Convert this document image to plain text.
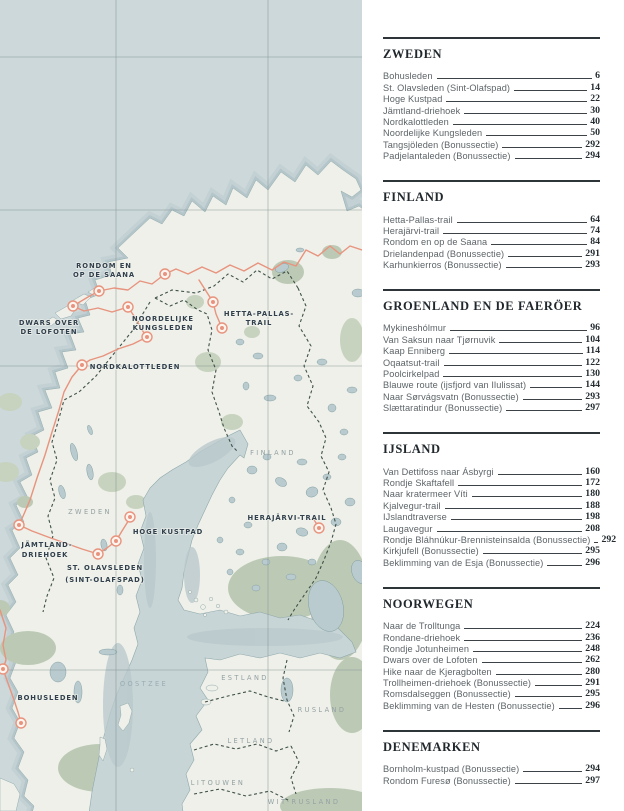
RONDOM EN
OP DE SAANA
DWARS OVER
DE LOFOTEN
NOORDELIJKE
KUNGSLEDEN
HETTA-PALLAS-
TRAIL
NORDKALOTTLEDEN
HERAJÄRVI-TRAIL
HOGE KUSTPAD
JÄMTLAND-
DRIEHOEK
ST. OLAVSLEDEN
(SINT-OLAFSPAD)
BOHUSLEDEN
ZWEDEN
FINLAND
OOSTZEE
ESTLAND
RUSLAND
LETLAND
LITOUWEN
WIT-RUSLAND
ZWEDEN
Bohusleden	6
St. Olavsleden (Sint-Olafspad)	14
Hoge Kustpad	22
Jämtland-driehoek	30
Nordkalottleden	40
Noordelijke Kungsleden	50
Tangsjöleden (Bonussectie)	292
Padjelantaleden (Bonussectie)	294
FINLAND
Hetta-Pallas-trail	64
Herajärvi-trail	74
Rondom en op de Saana	84
Drielandenpad (Bonussectie)	291
Karhunkierros (Bonussectie)	293
GROENLAND EN DE FAERÖER
Mykineshólmur	96
Van Saksun naar Tjørnuvik	104
Kaap Enniberg	114
Oqaatsut-trail	122
Poolcirkelpad	130
Blauwe route (ijsfjord van Ilulissat)	144
Naar Sørvágsvatn (Bonussectie)	293
Slættaratindur (Bonussectie)	297
IJSLAND
Van Dettifoss naar Ásbyrgi	160
Rondje Skaftafell	172
Naar kratermeer Víti	180
Kjalvegur-trail	188
IJslandtraverse	198
Laugavegur	208
Rondje Bláhnúkur-Brennisteinsalda (Bonussectie) 292
Kirkjufell (Bonussectie)	295
Beklimming van de Esja (Bonussectie)	296
NOORWEGEN
Naar de Trolltunga	224
Rondane-driehoek	236
Rondje Jotunheimen	248
Dwars over de Lofoten	262
Hike naar de Kjeragbolten	280
Trollheimen-driehoek (Bonussectie)	291
Romsdalseggen (Bonussectie)	295
Beklimming van de Hesten (Bonussectie)	296
DENEMARKEN
Bornholm-kustpad (Bonussectie)	294
Rondom Furesø (Bonussectie)	297
